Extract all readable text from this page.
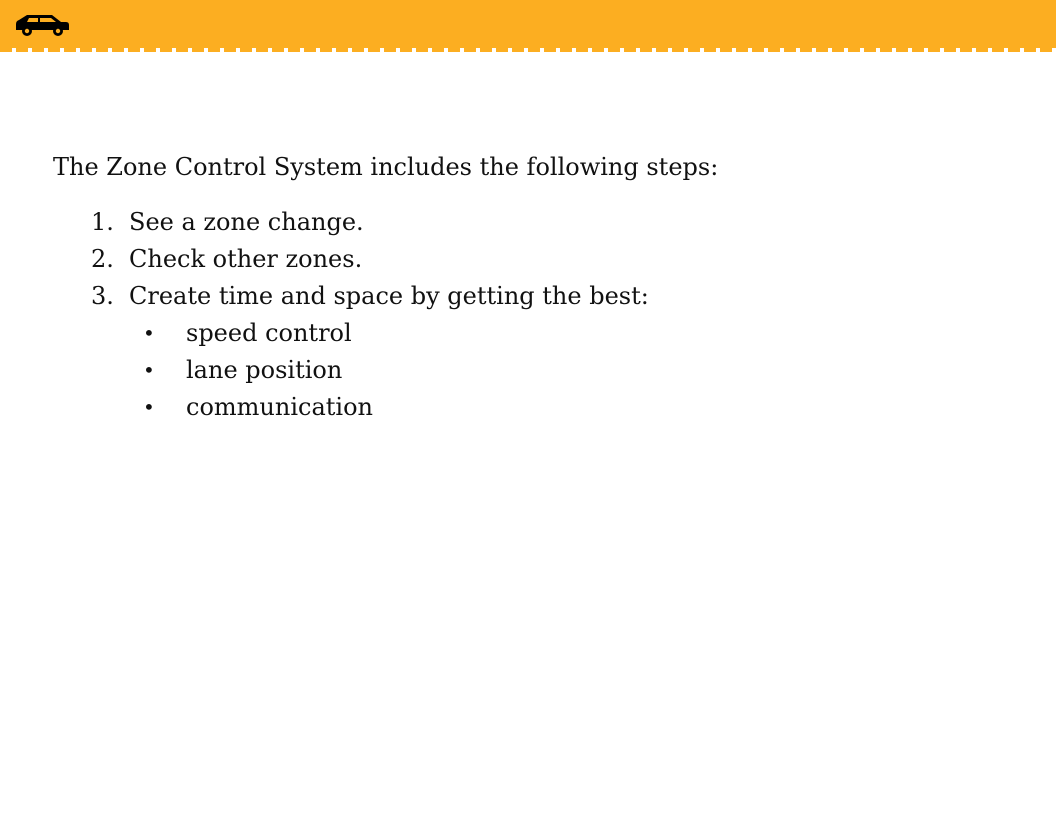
The Zone Control System includes the following steps:

1. See a zone change.
2. Check other zones.
3. Create time and space by getting the best:
•	speed control
•	lane position
•	communication
